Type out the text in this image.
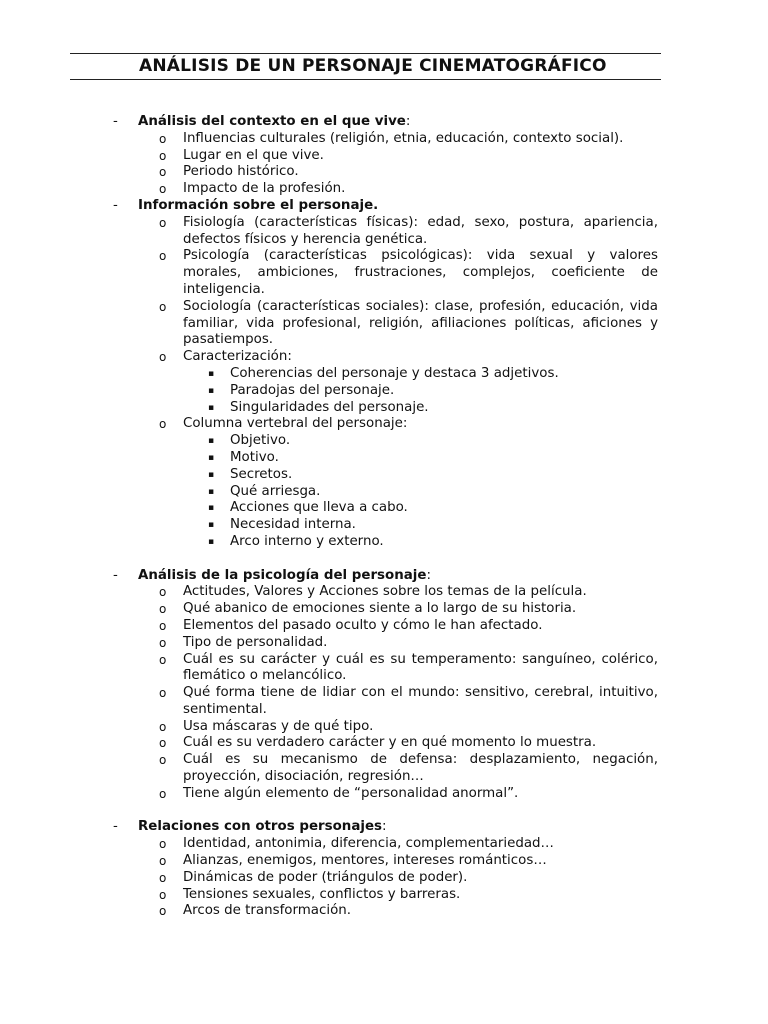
ANÁLISIS DE UN PERSONAJE CINEMATOGRÁFICO
- Análisis del contexto en el que vive:
o Influencias culturales (religión, etnia, educación, contexto social).
o Lugar en el que vive.
o Periodo histórico.
o Impacto de la profesión.
- Información sobre el personaje.
o Fisiología (características físicas): edad, sexo, postura, apariencia, defectos físicos y herencia genética.
o Psicología (características psicológicas): vida sexual y valores morales, ambiciones, frustraciones, complejos, coeficiente de inteligencia.
o Sociología (características sociales): clase, profesión, educación, vida familiar, vida profesional, religión, afiliaciones políticas, aficiones y pasatiempos.
o Caracterización:
▪ Coherencias del personaje y destaca 3 adjetivos.
▪ Paradojas del personaje.
▪ Singularidades del personaje.
o Columna vertebral del personaje:
▪ Objetivo.
▪ Motivo.
▪ Secretos.
▪ Qué arriesga.
▪ Acciones que lleva a cabo.
▪ Necesidad interna.
▪ Arco interno y externo.
- Análisis de la psicología del personaje:
o Actitudes, Valores y Acciones sobre los temas de la película.
o Qué abanico de emociones siente a lo largo de su historia.
o Elementos del pasado oculto y cómo le han afectado.
o Tipo de personalidad.
o Cuál es su carácter y cuál es su temperamento: sanguíneo, colérico, flemático o melancólico.
o Qué forma tiene de lidiar con el mundo: sensitivo, cerebral, intuitivo, sentimental.
o Usa máscaras y de qué tipo.
o Cuál es su verdadero carácter y en qué momento lo muestra.
o Cuál es su mecanismo de defensa: desplazamiento, negación, proyección, disociación, regresión…
o Tiene algún elemento de “personalidad anormal”.
- Relaciones con otros personajes:
o Identidad, antonimia, diferencia, complementariedad…
o Alianzas, enemigos, mentores, intereses románticos…
o Dinámicas de poder (triángulos de poder).
o Tensiones sexuales, conflictos y barreras.
o Arcos de transformación.
